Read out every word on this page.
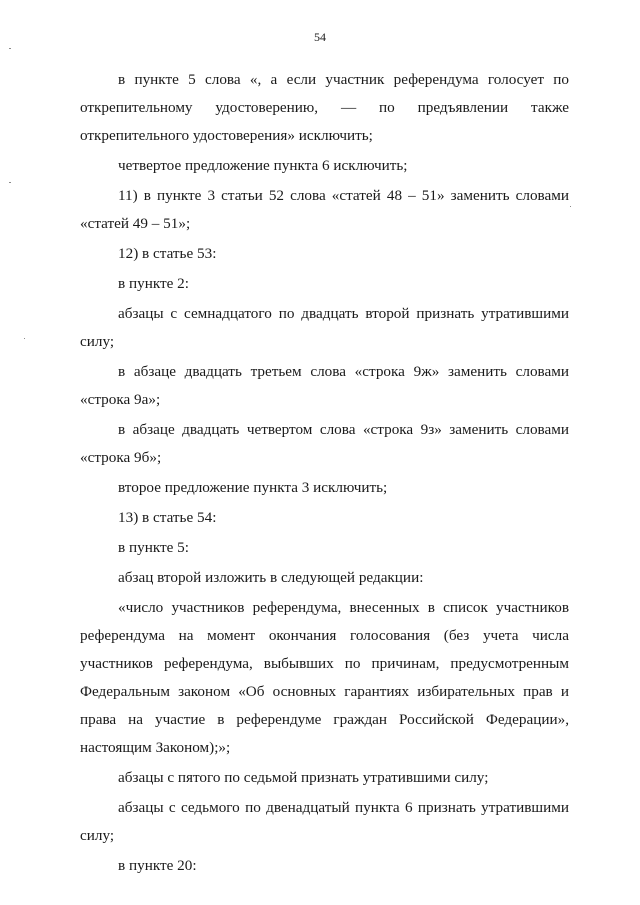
54

в пункте 5 слова «, а если участник референдума голосует по открепительному удостоверению, — по предъявлении также открепительного удостоверения» исключить;

четвертое предложение пункта 6 исключить;

11) в пункте 3 статьи 52 слова «статей 48 – 51» заменить словами «статей 49 – 51»;

12) в статье 53:

в пункте 2:

абзацы с семнадцатого по двадцать второй признать утратившими силу;

в абзаце двадцать третьем слова «строка 9ж» заменить словами «строка 9а»;

в абзаце двадцать четвертом слова «строка 9з» заменить словами «строка 9б»;

второе предложение пункта 3 исключить;

13) в статье 54:

в пункте 5:

абзац второй изложить в следующей редакции:

«число участников референдума, внесенных в список участников референдума на момент окончания голосования (без учета числа участников референдума, выбывших по причинам, предусмотренным Федеральным законом «Об основных гарантиях избирательных прав и права на участие в референдуме граждан Российской Федерации», настоящим Законом);»;

абзацы с пятого по седьмой признать утратившими силу;

абзацы с седьмого по двенадцатый пункта 6 признать утратившими силу;

в пункте 20:
